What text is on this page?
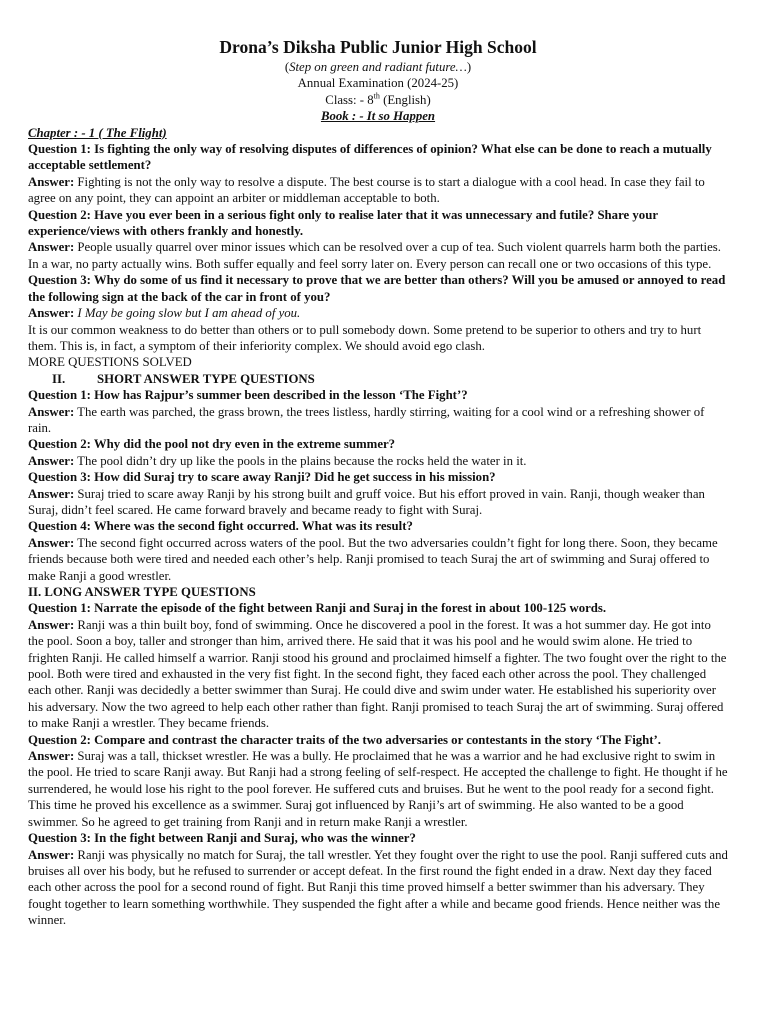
Drona’s Diksha Public Junior High School
(Step on green and radiant future…)
Annual Examination (2024-25)
Class: - 8th (English)
Book : - It so Happen
Chapter : - 1 ( The Flight)

Question 1: Is fighting the only way of resolving disputes of differences of opinion? What else can be done to reach a mutually acceptable settlement?

Answer: Fighting is not the only way to resolve a dispute. The best course is to start a dialogue with a cool head. In case they fail to agree on any point, they can appoint an arbiter or middleman acceptable to both.

Question 2: Have you ever been in a serious fight only to realise later that it was unnecessary and futile? Share your experience/views with others frankly and honestly.

Answer: People usually quarrel over minor issues which can be resolved over a cup of tea. Such violent quarrels harm both the parties. In a war, no party actually wins. Both suffer equally and feel sorry later on. Every person can recall one or two occasions of this type.

Question 3: Why do some of us find it necessary to prove that we are better than others? Will you be amused or annoyed to read the following sign at the back of the car in front of you?

Answer: I May be going slow but I am ahead of you.

It is our common weakness to do better than others or to pull somebody down. Some pretend to be superior to others and try to hurt them. This is, in fact, a symptom of their inferiority complex. We should avoid ego clash.

MORE QUESTIONS SOLVED

II. SHORT ANSWER TYPE QUESTIONS

Question 1: How has Rajpur’s summer been described in the lesson ‘The Fight’?

Answer: The earth was parched, the grass brown, the trees listless, hardly stirring, waiting for a cool wind or a refreshing shower of rain.

Question 2: Why did the pool not dry even in the extreme summer?

Answer: The pool didn’t dry up like the pools in the plains because the rocks held the water in it.

Question 3: How did Suraj try to scare away Ranji? Did he get success in his mission?

Answer: Suraj tried to scare away Ranji by his strong built and gruff voice. But his effort proved in vain. Ranji, though weaker than Suraj, didn’t feel scared. He came forward bravely and became ready to fight with Suraj.

Question 4: Where was the second fight occurred. What was its result?

Answer: The second fight occurred across waters of the pool. But the two adversaries couldn’t fight for long there. Soon, they became friends because both were tired and needed each other’s help. Ranji promised to teach Suraj the art of swimming and Suraj offered to make Ranji a good wrestler.

II. LONG ANSWER TYPE QUESTIONS

Question 1: Narrate the episode of the fight between Ranji and Suraj in the forest in about 100-125 words.

Answer: Ranji was a thin built boy, fond of swimming. Once he discovered a pool in the forest. It was a hot summer day. He got into the pool. Soon a boy, taller and stronger than him, arrived there. He said that it was his pool and he would swim alone. He tried to frighten Ranji. He called himself a warrior. Ranji stood his ground and proclaimed himself a fighter. The two fought over the right to the pool. Both were tired and exhausted in the very fist fight. In the second fight, they faced each other across the pool. They challenged each other. Ranji was decidedly a better swimmer than Suraj. He could dive and swim under water. He established his superiority over his adversary. Now the two agreed to help each other rather than fight. Ranji promised to teach Suraj the art of swimming. Suraj offered to make Ranji a wrestler. They became friends.

Question 2: Compare and contrast the character traits of the two adversaries or contestants in the story ‘The Fight’.

Answer: Suraj was a tall, thickset wrestler. He was a bully. He proclaimed that he was a warrior and he had exclusive right to swim in the pool. He tried to scare Ranji away. But Ranji had a strong feeling of self-respect. He accepted the challenge to fight. He thought if he surrendered, he would lose his right to the pool forever. He suffered cuts and bruises. But he went to the pool ready for a second fight. This time he proved his excellence as a swimmer. Suraj got influenced by Ranji’s art of swimming. He also wanted to be a good swimmer. So he agreed to get training from Ranji and in return make Ranji a wrestler.

Question 3: In the fight between Ranji and Suraj, who was the winner?

Answer: Ranji was physically no match for Suraj, the tall wrestler. Yet they fought over the right to use the pool. Ranji suffered cuts and bruises all over his body, but he refused to surrender or accept defeat. In the first round the fight ended in a draw. Next day they faced each other across the pool for a second round of fight. But Ranji this time proved himself a better swimmer than his adversary. They fought together to learn something worthwhile. They suspended the fight after a while and became good friends. Hence neither was the winner.
